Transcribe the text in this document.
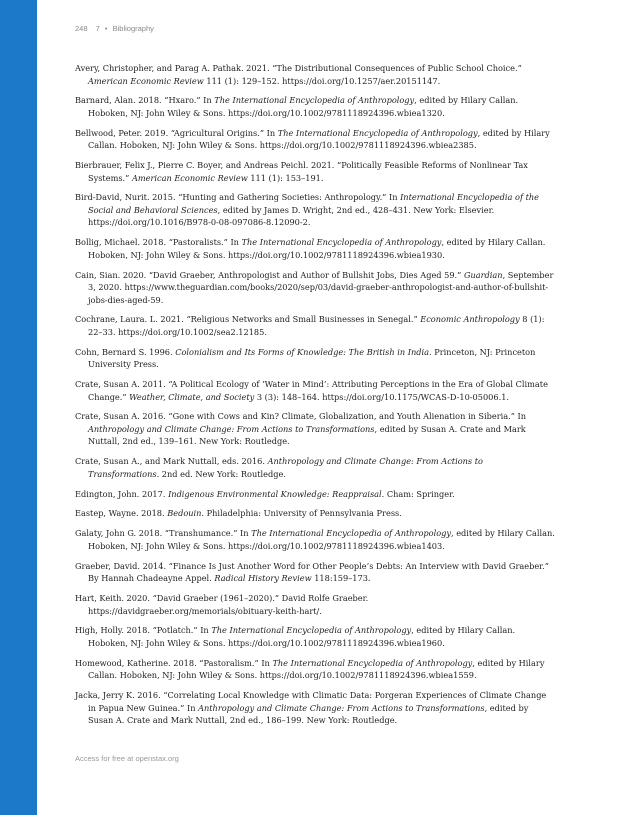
248 7 • Bibliography
Avery, Christopher, and Parag A. Pathak. 2021. “The Distributional Consequences of Public School Choice.” American Economic Review 111 (1): 129–152. https://doi.org/10.1257/aer.20151147.
Barnard, Alan. 2018. “Hxaro.” In The International Encyclopedia of Anthropology, edited by Hilary Callan. Hoboken, NJ: John Wiley & Sons. https://doi.org/10.1002/9781118924396.wbiea1320.
Bellwood, Peter. 2019. “Agricultural Origins.” In The International Encyclopedia of Anthropology, edited by Hilary Callan. Hoboken, NJ: John Wiley & Sons. https://doi.org/10.1002/9781118924396.wbiea2385.
Bierbrauer, Felix J., Pierre C. Boyer, and Andreas Peichl. 2021. “Politically Feasible Reforms of Nonlinear Tax Systems.” American Economic Review 111 (1): 153–191.
Bird-David, Nurit. 2015. “Hunting and Gathering Societies: Anthropology.” In International Encyclopedia of the Social and Behavioral Sciences, edited by James D. Wright, 2nd ed., 428–431. New York: Elsevier. https://doi.org/10.1016/B978-0-08-097086-8.12090-2.
Bollig, Michael. 2018. “Pastoralists.” In The International Encyclopedia of Anthropology, edited by Hilary Callan. Hoboken, NJ: John Wiley & Sons. https://doi.org/10.1002/9781118924396.wbiea1930.
Cain, Sian. 2020. “David Graeber, Anthropologist and Author of Bullshit Jobs, Dies Aged 59.” Guardian, September 3, 2020. https://www.theguardian.com/books/2020/sep/03/david-graeber-anthropologist-and-author-of-bullshit-jobs-dies-aged-59.
Cochrane, Laura. L. 2021. “Religious Networks and Small Businesses in Senegal.” Economic Anthropology 8 (1): 22–33. https://doi.org/10.1002/sea2.12185.
Cohn, Bernard S. 1996. Colonialism and Its Forms of Knowledge: The British in India. Princeton, NJ: Princeton University Press.
Crate, Susan A. 2011. “A Political Ecology of ‘Water in Mind’: Attributing Perceptions in the Era of Global Climate Change.” Weather, Climate, and Society 3 (3): 148–164. https://doi.org/10.1175/WCAS-D-10-05006.1.
Crate, Susan A. 2016. “Gone with Cows and Kin? Climate, Globalization, and Youth Alienation in Siberia.” In Anthropology and Climate Change: From Actions to Transformations, edited by Susan A. Crate and Mark Nuttall, 2nd ed., 139–161. New York: Routledge.
Crate, Susan A., and Mark Nuttall, eds. 2016. Anthropology and Climate Change: From Actions to Transformations. 2nd ed. New York: Routledge.
Edington, John. 2017. Indigenous Environmental Knowledge: Reappraisal. Cham: Springer.
Eastep, Wayne. 2018. Bedouin. Philadelphia: University of Pennsylvania Press.
Galaty, John G. 2018. “Transhumance.” In The International Encyclopedia of Anthropology, edited by Hilary Callan. Hoboken, NJ: John Wiley & Sons. https://doi.org/10.1002/9781118924396.wbiea1403.
Graeber, David. 2014. “Finance Is Just Another Word for Other People’s Debts: An Interview with David Graeber.” By Hannah Chadeayne Appel. Radical History Review 118:159–173.
Hart, Keith. 2020. “David Graeber (1961–2020).” David Rolfe Graeber. https://davidgraeber.org/memorials/obituary-keith-hart/.
High, Holly. 2018. “Potlatch.” In The International Encyclopedia of Anthropology, edited by Hilary Callan. Hoboken, NJ: John Wiley & Sons. https://doi.org/10.1002/9781118924396.wbiea1960.
Homewood, Katherine. 2018. “Pastoralism.” In The International Encyclopedia of Anthropology, edited by Hilary Callan. Hoboken, NJ: John Wiley & Sons. https://doi.org/10.1002/9781118924396.wbiea1559.
Jacka, Jerry K. 2016. “Correlating Local Knowledge with Climatic Data: Porgeran Experiences of Climate Change in Papua New Guinea.” In Anthropology and Climate Change: From Actions to Transformations, edited by Susan A. Crate and Mark Nuttall, 2nd ed., 186–199. New York: Routledge.
Access for free at openstax.org
